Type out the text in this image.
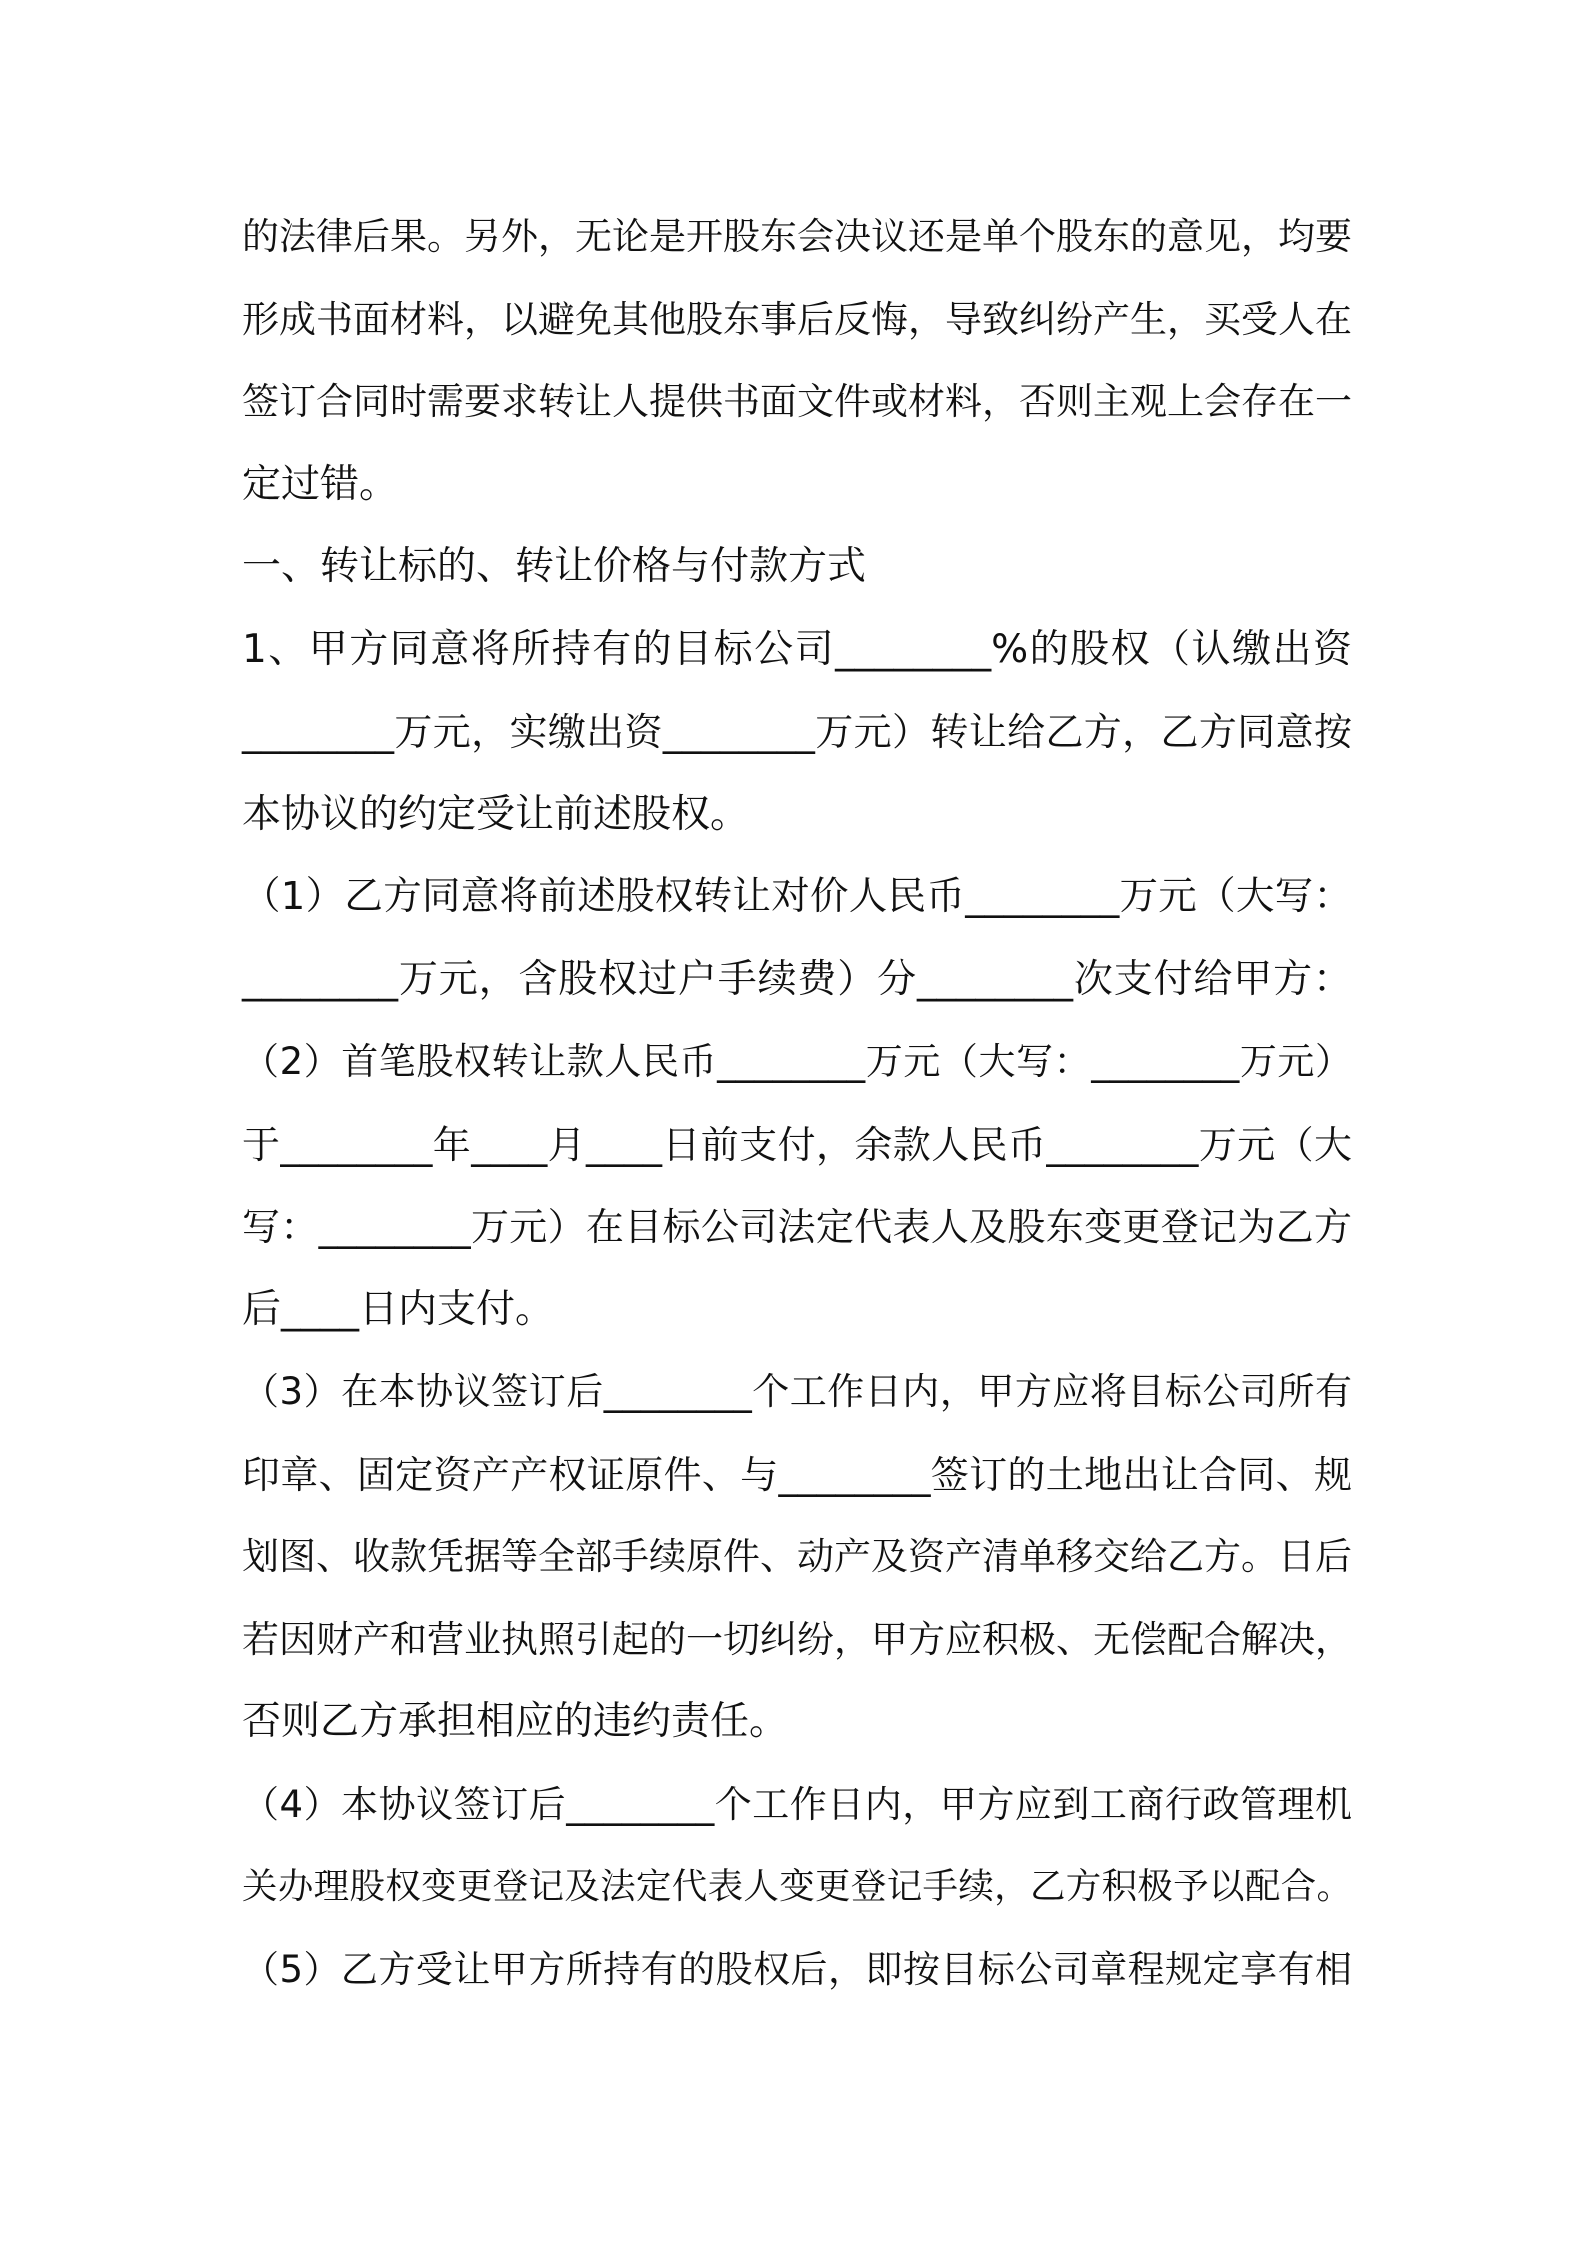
的法律后果。另外，无论是开股东会决议还是单个股东的意见，均要
形成书面材料，以避免其他股东事后反悔，导致纠纷产生，买受人在
签订合同时需要求转让人提供书面文件或材料，否则主观上会存在一
定过错。
一、转让标的、转让价格与付款方式
1、甲方同意将所持有的目标公司________%的股权（认缴出资
________万元，实缴出资________万元）转让给乙方，乙方同意按
本协议的约定受让前述股权。
（1）乙方同意将前述股权转让对价人民币________万元（大写：
________万元，含股权过户手续费）分________次支付给甲方：
（2）首笔股权转让款人民币________万元（大写：________万元）
于________年____月____日前支付，余款人民币________万元（大
写：________万元）在目标公司法定代表人及股东变更登记为乙方
后____日内支付。
（3）在本协议签订后________个工作日内，甲方应将目标公司所有
印章、固定资产产权证原件、与________签订的土地出让合同、规
划图、收款凭据等全部手续原件、动产及资产清单移交给乙方。日后
若因财产和营业执照引起的一切纠纷，甲方应积极、无偿配合解决，
否则乙方承担相应的违约责任。
（4）本协议签订后________个工作日内，甲方应到工商行政管理机
关办理股权变更登记及法定代表人变更登记手续，乙方积极予以配合。
（5）乙方受让甲方所持有的股权后，即按目标公司章程规定享有相
